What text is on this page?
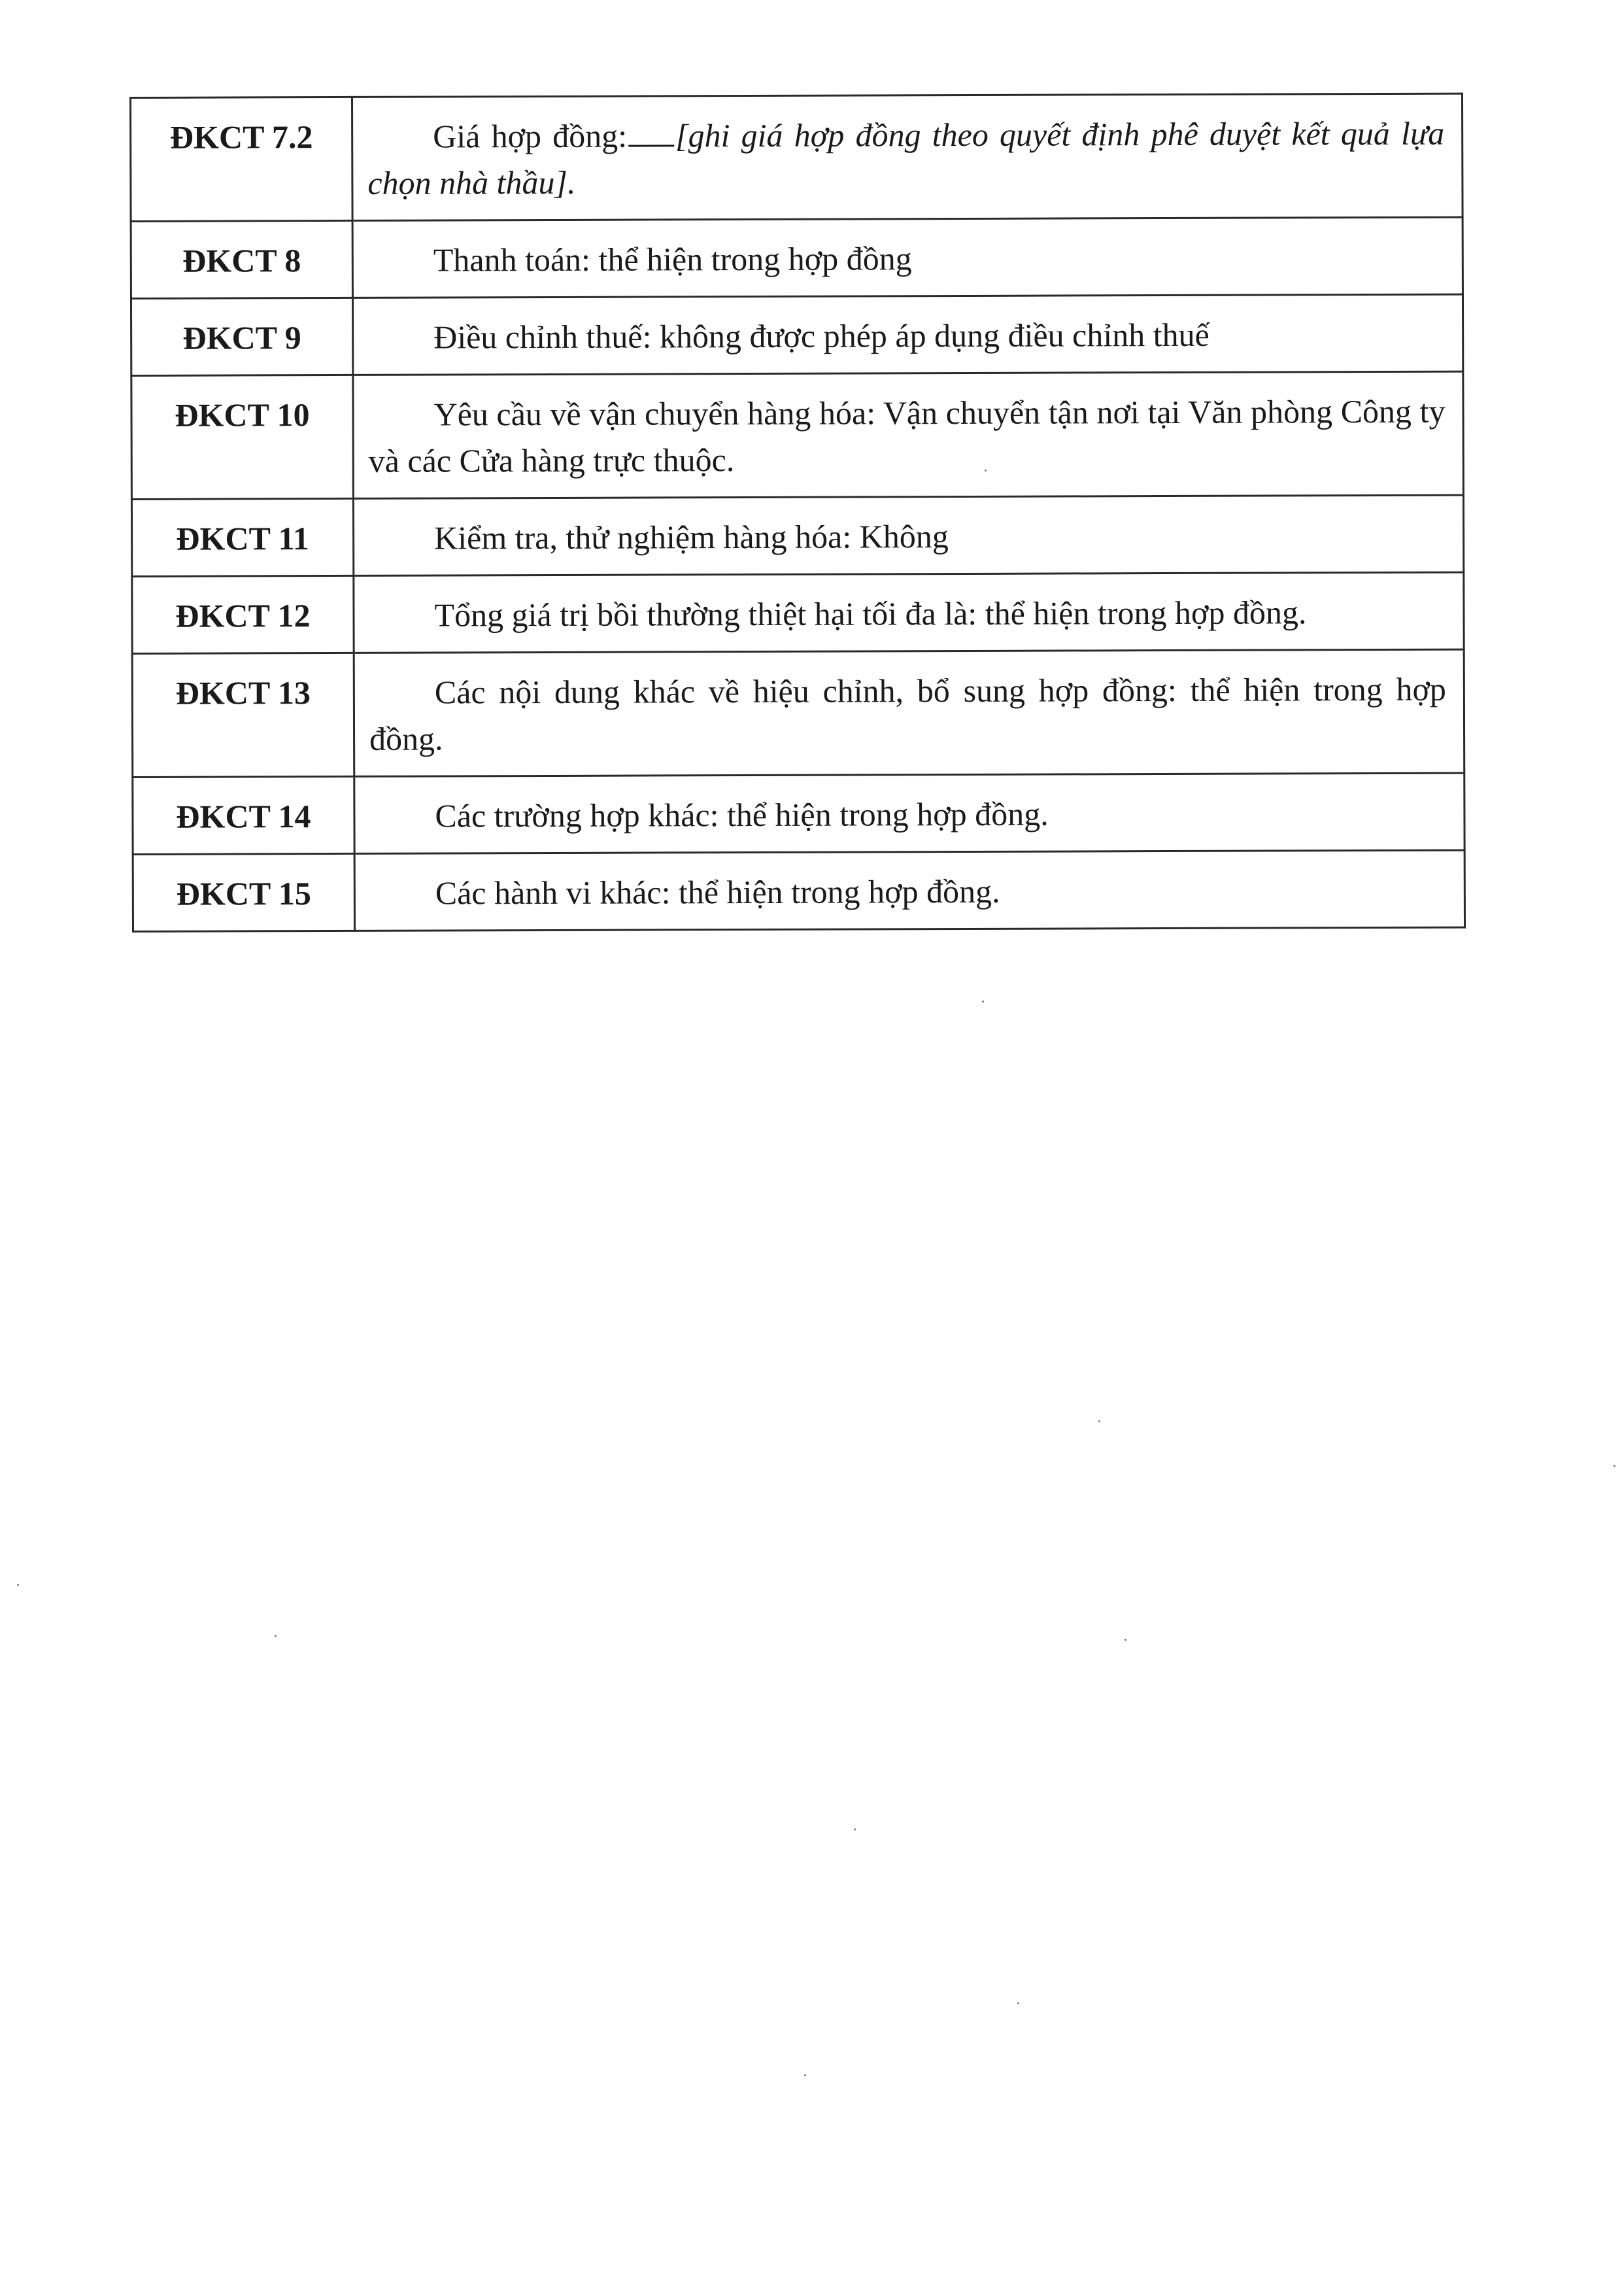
ĐKCT 7.2	Giá hợp đồng: [ghi giá hợp đồng theo quyết định phê duyệt kết quả lựa chọn nhà thầu].
ĐKCT 8	Thanh toán: thể hiện trong hợp đồng
ĐKCT 9	Điều chỉnh thuế: không được phép áp dụng điều chỉnh thuế
ĐKCT 10	Yêu cầu về vận chuyển hàng hóa: Vận chuyển tận nơi tại Văn phòng Công ty và các Cửa hàng trực thuộc.
ĐKCT 11	Kiểm tra, thử nghiệm hàng hóa: Không
ĐKCT 12	Tổng giá trị bồi thường thiệt hại tối đa là: thể hiện trong hợp đồng.
ĐKCT 13	Các nội dung khác về hiệu chỉnh, bổ sung hợp đồng: thể hiện trong hợp đồng.
ĐKCT 14	Các trường hợp khác: thể hiện trong hợp đồng.
ĐKCT 15	Các hành vi khác: thể hiện trong hợp đồng.
